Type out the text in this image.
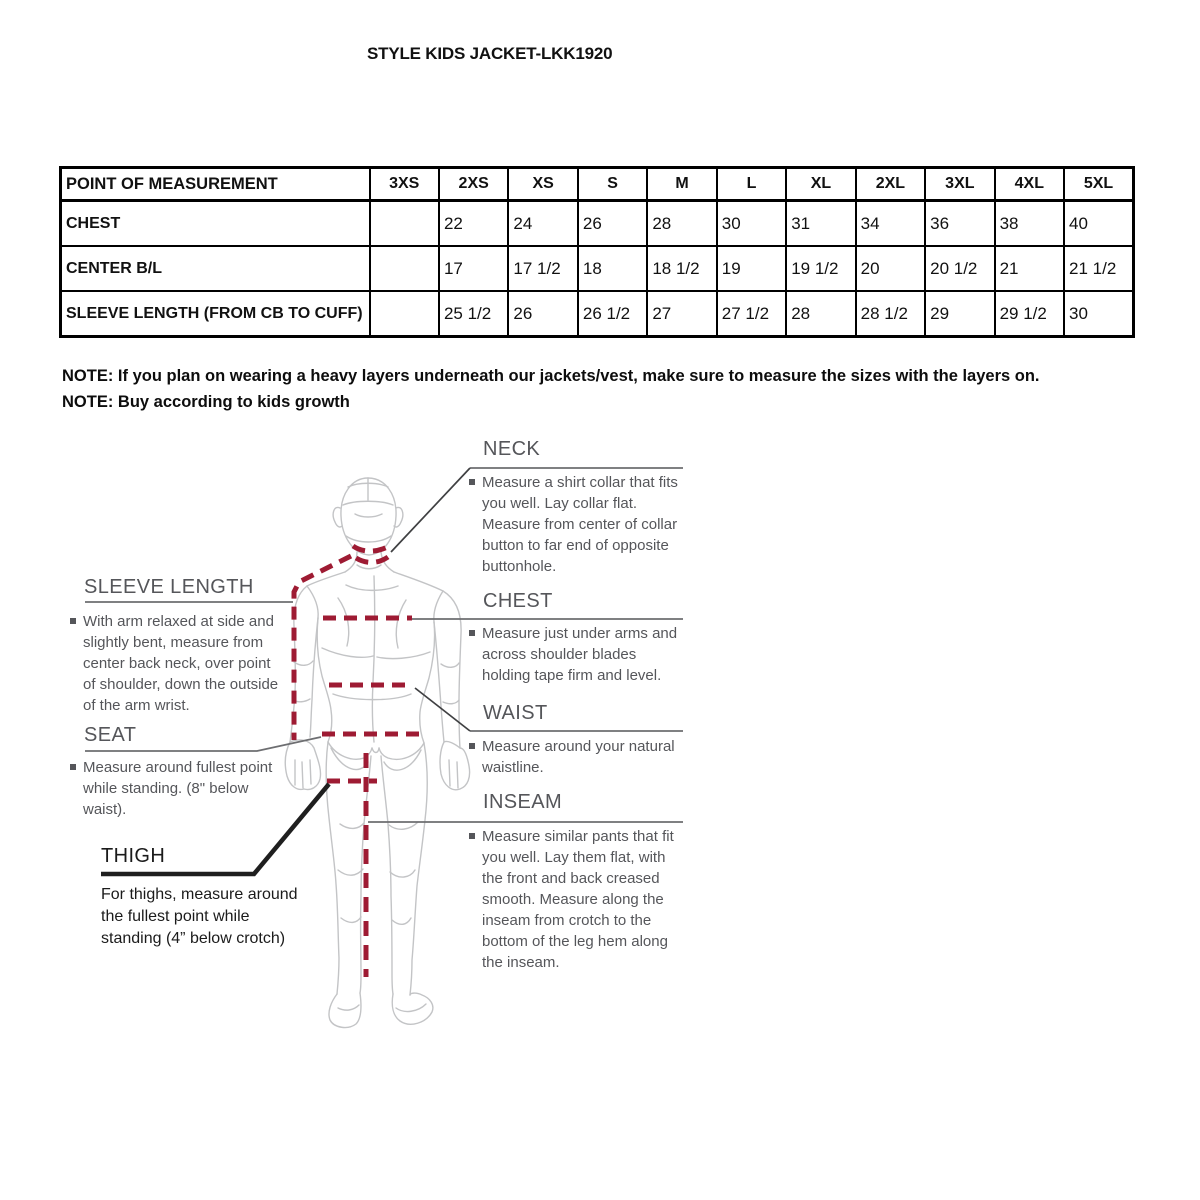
STYLE KIDS JACKET-LKK1920
POINT OF MEASUREMENT	3XS	2XS	XS	S	M	L	XL	2XL	3XL	4XL	5XL
CHEST		22	24	26	28	30	31	34	36	38	40
CENTER B/L		17	17 1/2	18	18 1/2	19	19 1/2	20	20 1/2	21	21 1/2
SLEEVE LENGTH (FROM CB TO CUFF)		25 1/2	26	26 1/2	27	27 1/2	28	28 1/2	29	29 1/2	30

NOTE: If you plan on wearing a heavy layers underneath our jackets/vest, make sure to measure the sizes with the layers on.

NOTE: Buy according to kids growth

NECK
Measure a shirt collar that fits you well. Lay collar flat. Measure from center of collar button to far end of opposite buttonhole.
SLEEVE LENGTH
With arm relaxed at side and slightly bent, measure from center back neck, over point of shoulder, down the outside of the arm wrist.
CHEST
Measure just under arms and across shoulder blades holding tape firm and level.
SEAT
Measure around fullest point while standing. (8" below waist).
WAIST
Measure around your natural waistline.
THIGH
For thighs, measure around the fullest point while standing (4” below crotch)
INSEAM
Measure similar pants that fit you well. Lay them flat, with the front and back creased smooth. Measure along the inseam from crotch to the bottom of the leg hem along the inseam.
